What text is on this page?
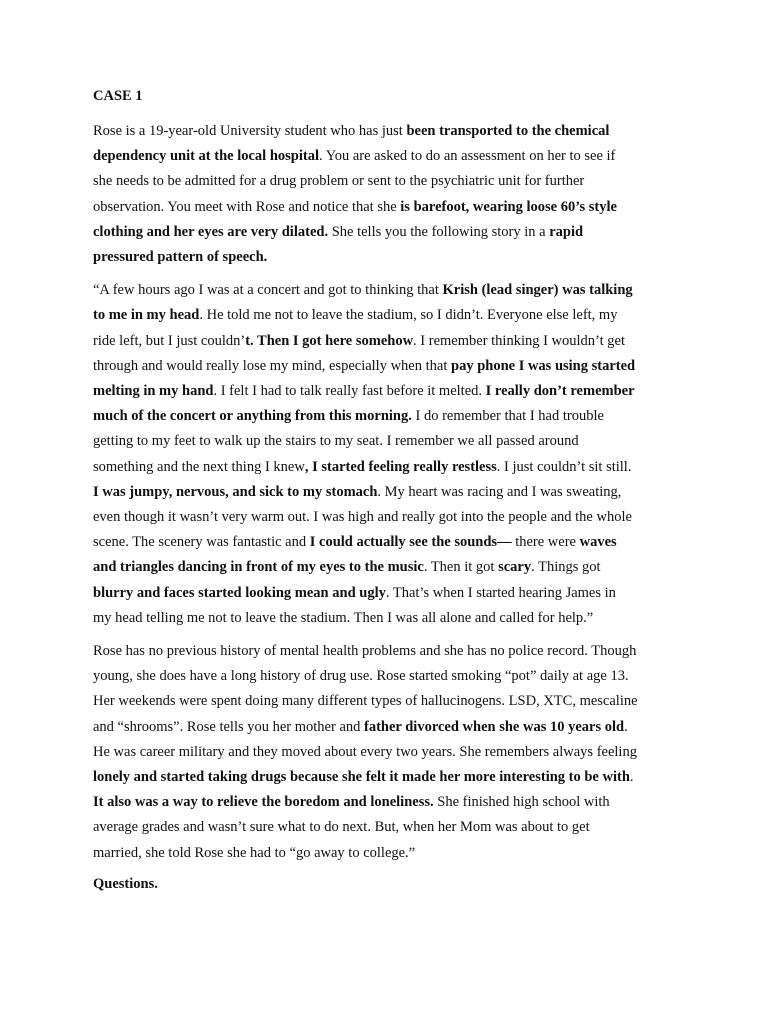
CASE 1
Rose is a 19-year-old University student who has just been transported to the chemical
dependency unit at the local hospital. You are asked to do an assessment on her to see if
she needs to be admitted for a drug problem or sent to the psychiatric unit for further
observation. You meet with Rose and notice that she is barefoot, wearing loose 60’s style
clothing and her eyes are very dilated. She tells you the following story in a rapid
pressured pattern of speech.
“A few hours ago I was at a concert and got to thinking that Krish (lead singer) was talking
to me in my head. He told me not to leave the stadium, so I didn’t. Everyone else left, my
ride left, but I just couldn’t. Then I got here somehow. I remember thinking I wouldn’t get
through and would really lose my mind, especially when that pay phone I was using started
melting in my hand. I felt I had to talk really fast before it melted. I really don’t remember
much of the concert or anything from this morning. I do remember that I had trouble
getting to my feet to walk up the stairs to my seat. I remember we all passed around
something and the next thing I knew, I started feeling really restless. I just couldn’t sit still.
I was jumpy, nervous, and sick to my stomach. My heart was racing and I was sweating,
even though it wasn’t very warm out. I was high and really got into the people and the whole
scene. The scenery was fantastic and I could actually see the sounds— there were waves
and triangles dancing in front of my eyes to the music. Then it got scary. Things got
blurry and faces started looking mean and ugly. That’s when I started hearing James in
my head telling me not to leave the stadium. Then I was all alone and called for help.”
Rose has no previous history of mental health problems and she has no police record. Though
young, she does have a long history of drug use. Rose started smoking “pot” daily at age 13.
Her weekends were spent doing many different types of hallucinogens. LSD, XTC, mescaline
and “shrooms”. Rose tells you her mother and father divorced when she was 10 years old.
He was career military and they moved about every two years. She remembers always feeling
lonely and started taking drugs because she felt it made her more interesting to be with.
It also was a way to relieve the boredom and loneliness. She finished high school with
average grades and wasn’t sure what to do next. But, when her Mom was about to get
married, she told Rose she had to “go away to college.”
Questions.
